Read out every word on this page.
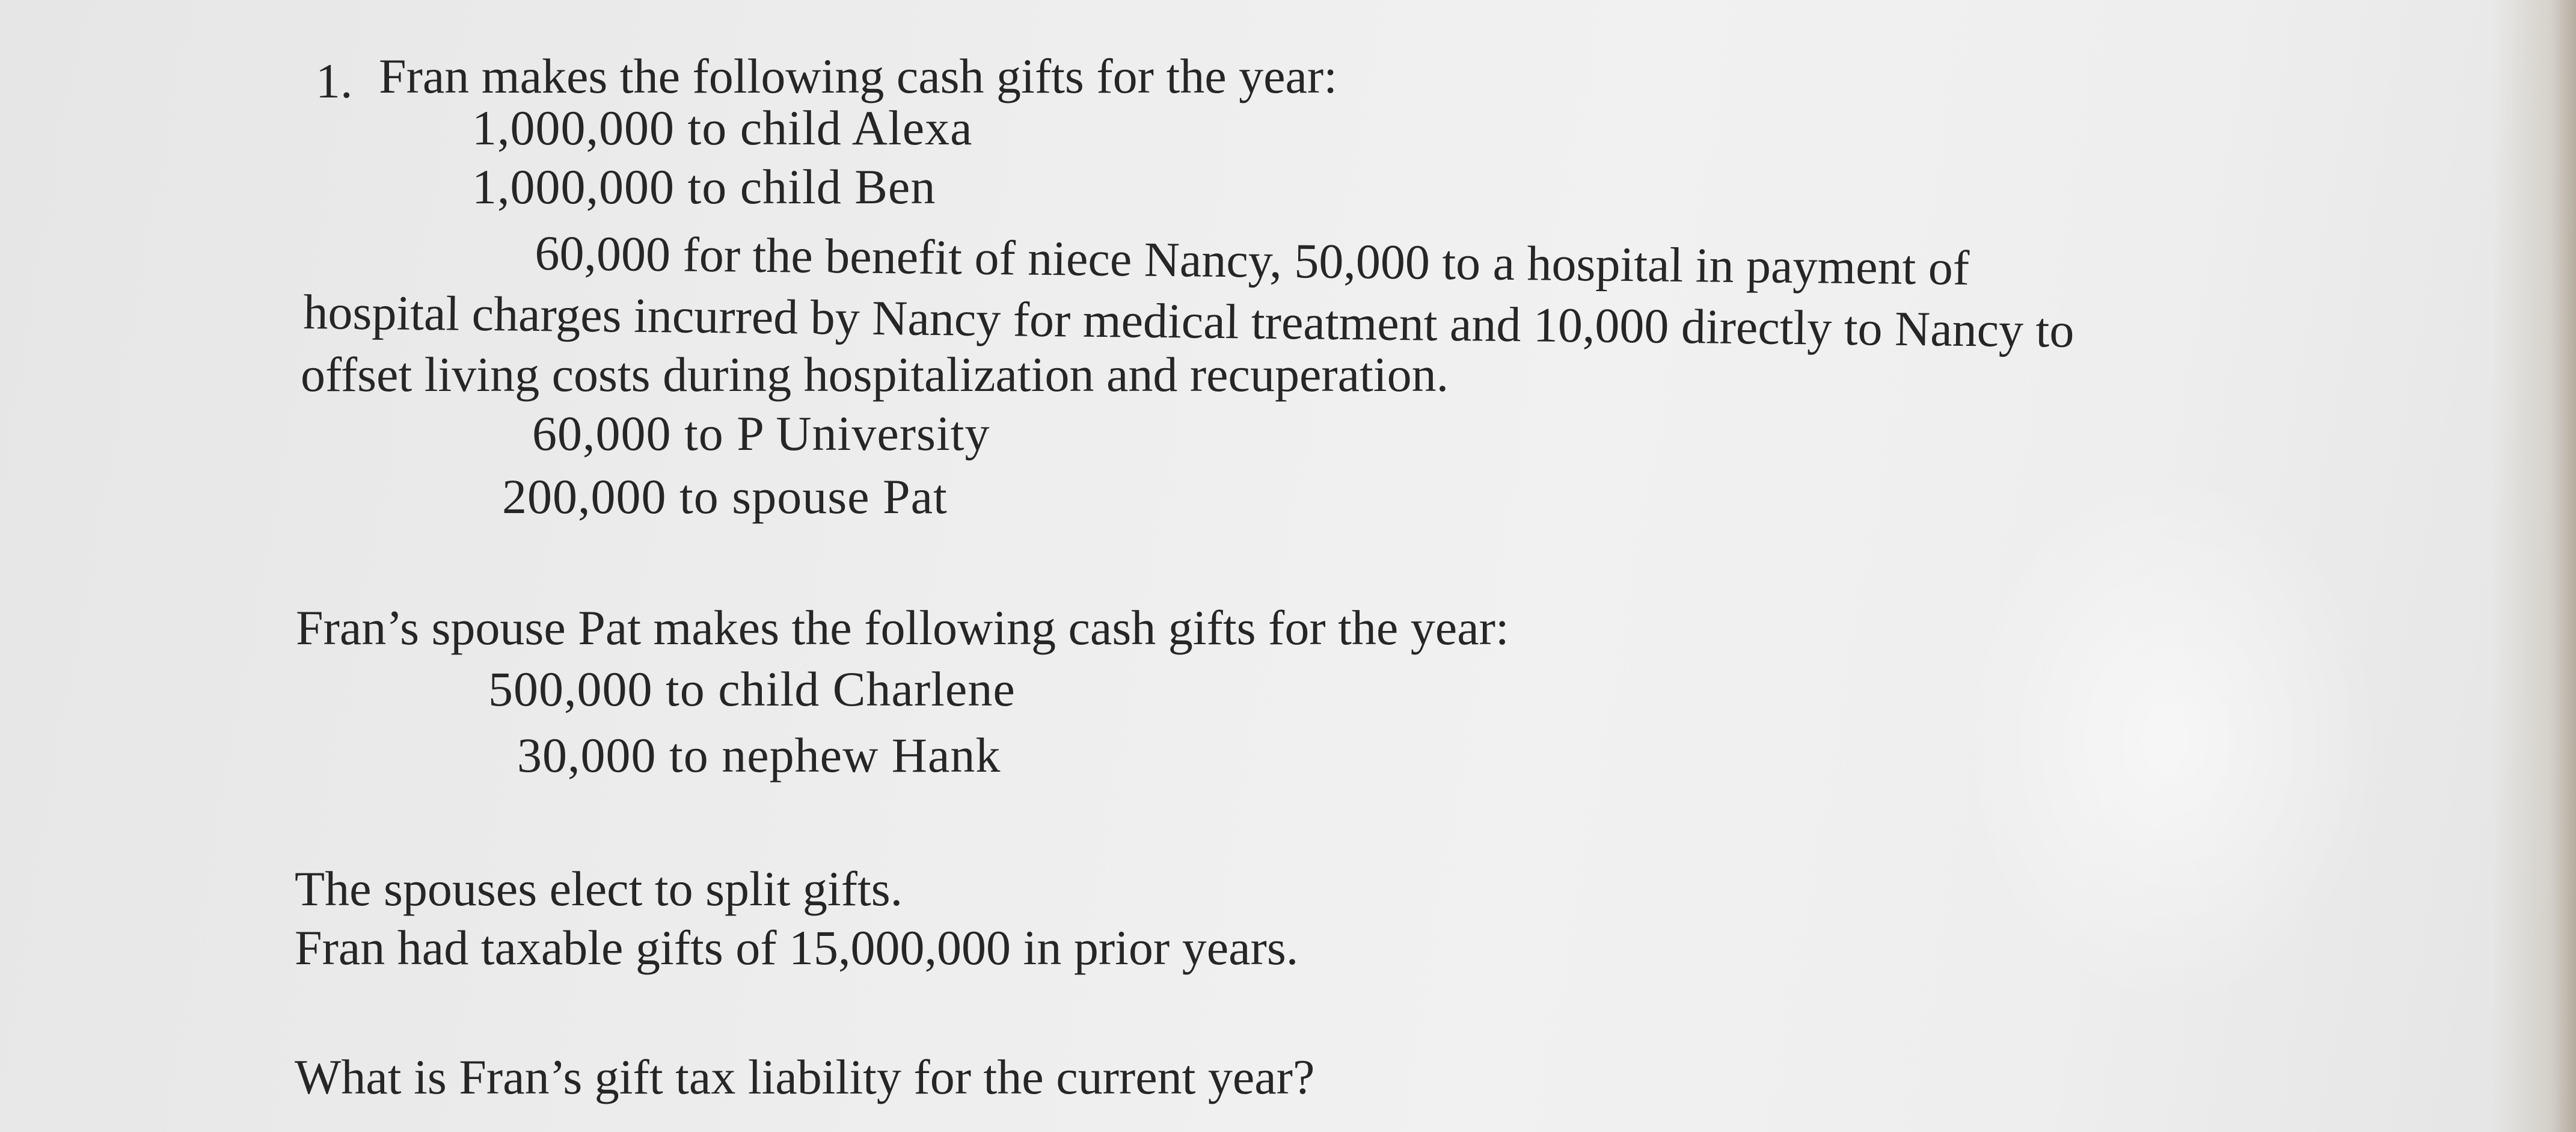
1. Fran makes the following cash gifts for the year:
1,000,000 to child Alexa
1,000,000 to child Ben
60,000 for the benefit of niece Nancy, 50,000 to a hospital in payment of
hospital charges incurred by Nancy for medical treatment and 10,000 directly to Nancy to
offset living costs during hospitalization and recuperation.
60,000 to P University
200,000 to spouse Pat
Fran’s spouse Pat makes the following cash gifts for the year:
500,000 to child Charlene
30,000 to nephew Hank
The spouses elect to split gifts.
Fran had taxable gifts of 15,000,000 in prior years.
What is Fran’s gift tax liability for the current year?
